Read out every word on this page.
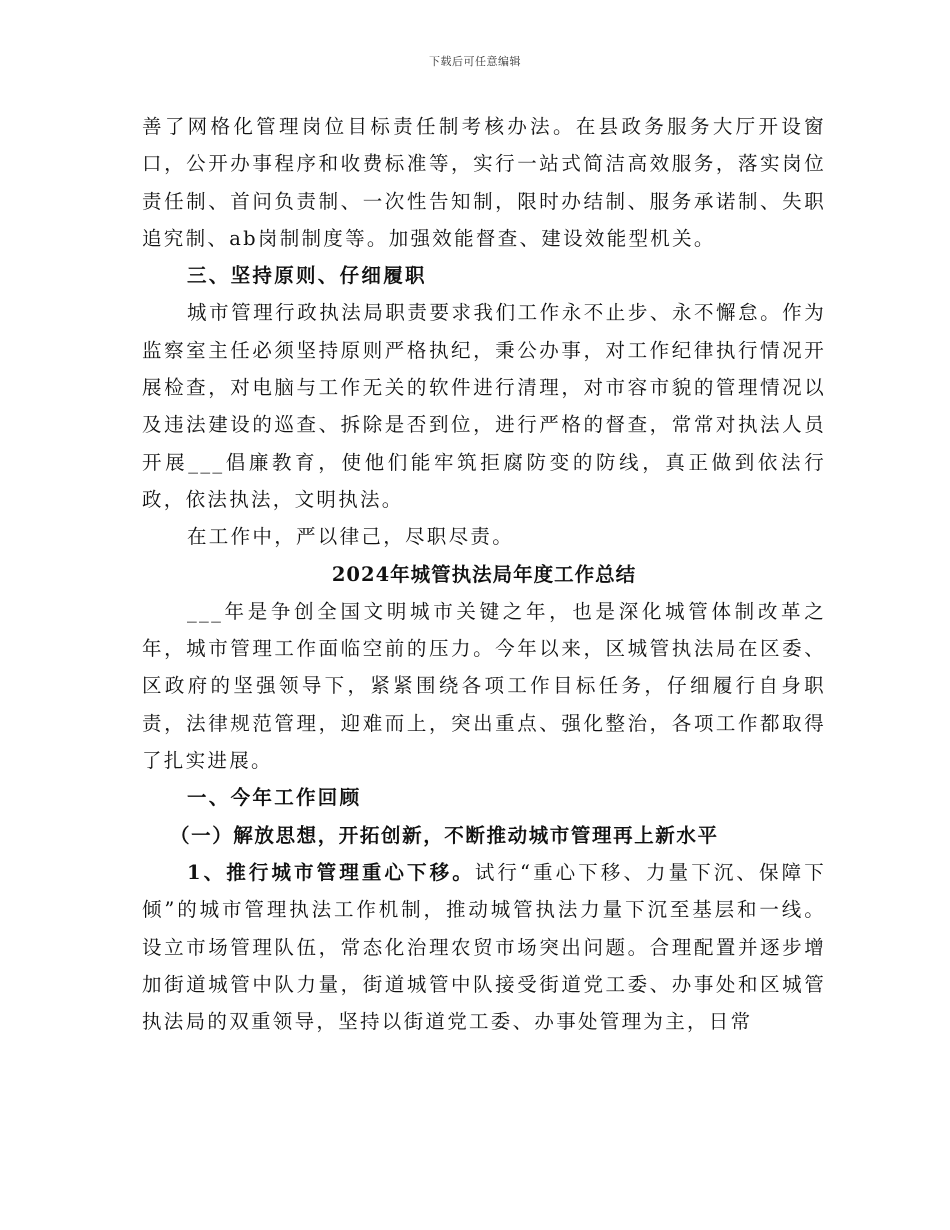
下载后可任意编辑

善了网格化管理岗位目标责任制考核办法。在县政务服务大厅开设窗口，公开办事程序和收费标准等，实行一站式简洁高效服务，落实岗位责任制、首问负责制、一次性告知制，限时办结制、服务承诺制、失职追究制、ab岗制制度等。加强效能督查、建设效能型机关。

三、坚持原则、仔细履职

城市管理行政执法局职责要求我们工作永不止步、永不懈怠。作为监察室主任必须坚持原则严格执纪，秉公办事，对工作纪律执行情况开展检查，对电脑与工作无关的软件进行清理，对市容市貌的管理情况以及违法建设的巡查、拆除是否到位，进行严格的督查，常常对执法人员开展___倡廉教育，使他们能牢筑拒腐防变的防线，真正做到依法行政，依法执法，文明执法。

在工作中，严以律己，尽职尽责。

2024年城管执法局年度工作总结

___年是争创全国文明城市关键之年，也是深化城管体制改革之年，城市管理工作面临空前的压力。今年以来，区城管执法局在区委、区政府的坚强领导下，紧紧围绕各项工作目标任务，仔细履行自身职责，法律规范管理，迎难而上，突出重点、强化整治，各项工作都取得了扎实进展。

一、今年工作回顾

（一）解放思想，开拓创新，不断推动城市管理再上新水平

1、推行城市管理重心下移。试行“重心下移、力量下沉、保障下倾”的城市管理执法工作机制，推动城管执法力量下沉至基层和一线。设立市场管理队伍，常态化治理农贸市场突出问题。合理配置并逐步增加街道城管中队力量，街道城管中队接受街道党工委、办事处和区城管执法局的双重领导，坚持以街道党工委、办事处管理为主，日常
